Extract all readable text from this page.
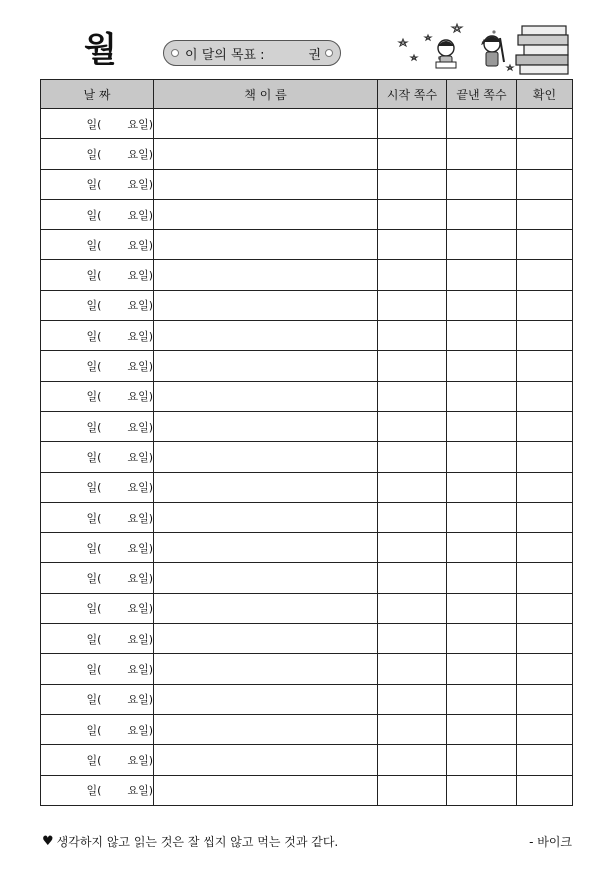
월	이 달의 목표 :	권
날 짜	책 이 름	시작 쪽수	끝낸 쪽수	확인
일( 요일)				
일( 요일)				
일( 요일)				
일( 요일)				
일( 요일)				
일( 요일)				
일( 요일)				
일( 요일)				
일( 요일)				
일( 요일)				
일( 요일)				
일( 요일)				
일( 요일)				
일( 요일)				
일( 요일)				
일( 요일)				
일( 요일)				
일( 요일)				
일( 요일)				
일( 요일)				
일( 요일)				
일( 요일)				
일( 요일)				
♥ 생각하지 않고 읽는 것은 잘 씹지 않고 먹는 것과 같다.	- 바이크
